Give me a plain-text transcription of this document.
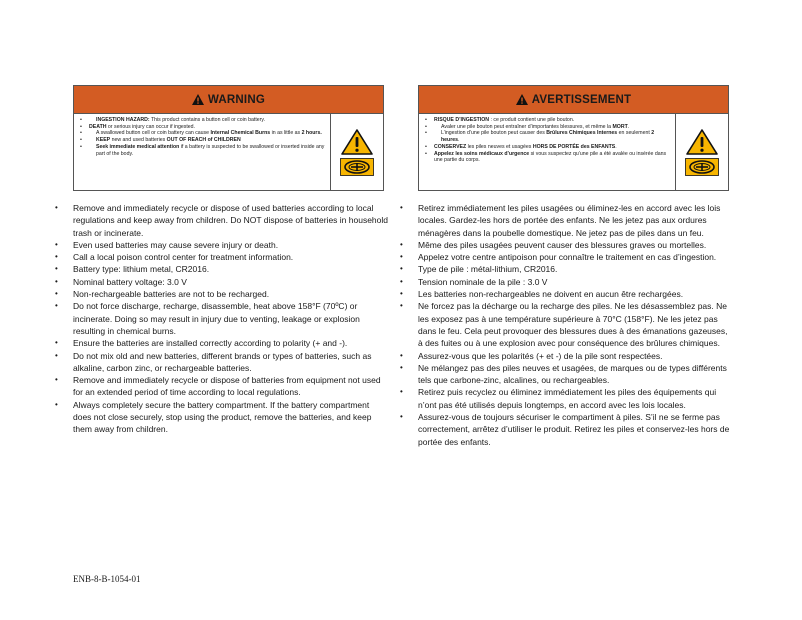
WARNING
•	INGESTION HAZARD: This product contains a button cell or coin battery.
•	DEATH or serious injury can occur if ingested.
•	A swallowed button cell or coin battery can cause Internal Chemical Burns in as little as 2 hours.
•	KEEP new and used batteries OUT OF REACH of CHILDREN
•	Seek immediate medical attention if a battery is suspected to be swallowed or inserted inside any part of the body.
AVERTISSEMENT
•	RISQUE D’INGESTION : ce produit contient une pile bouton.
•	Avaler une pile bouton peut entraîner d’importantes blessures, et même la MORT.
•	L’ingestion d’une pile bouton peut causer des Brûlures Chimiques Internes en seulement 2 heures.
•	CONSERVEZ les piles neuves et usagées HORS DE PORTÉE des ENFANTS.
•	Appelez les soins médicaux d’urgence si vous suspectez qu’une pile a été avalée ou insérée dans une partie du corps.
•	Remove and immediately recycle or dispose of used batteries according to local regulations and keep away from children. Do NOT dispose of batteries in household trash or incinerate.
•	Even used batteries may cause severe injury or death.
•	Call a local poison control center for treatment information.
•	Battery type: lithium metal, CR2016.
•	Nominal battery voltage: 3.0 V
•	Non-rechargeable batteries are not to be recharged.
•	Do not force discharge, recharge, disassemble, heat above 158°F (70ºC) or incinerate. Doing so may result in injury due to venting, leakage or explosion resulting in chemical burns.
•	Ensure the batteries are installed correctly according to polarity (+ and -).
•	Do not mix old and new batteries, different brands or types of batteries, such as alkaline, carbon zinc, or rechargeable batteries.
•	Remove and immediately recycle or dispose of batteries from equipment not used for an extended period of time according to local regulations.
•	Always completely secure the battery compartment. If the battery compartment does not close securely, stop using the product, remove the batteries, and keep them away from children.
•	Retirez immédiatement les piles usagées ou éliminez-les en accord avec les lois locales. Gardez-les hors de portée des enfants. Ne les jetez pas aux ordures ménagères dans la poubelle domestique. Ne jetez pas de piles dans un feu.
•	Même des piles usagées peuvent causer des blessures graves ou mortelles.
•	Appelez votre centre antipoison pour connaître le traitement en cas d’ingestion.
•	Type de pile : métal-lithium, CR2016.
•	Tension nominale de la pile : 3.0 V
•	Les batteries non-rechargeables ne doivent en aucun être rechargées.
•	Ne forcez pas la décharge ou la recharge des piles. Ne les désassemblez pas. Ne les exposez pas à une température supérieure à 70°C (158°F). Ne les jetez pas dans le feu. Cela peut provoquer des blessures dues à des émanations gazeuses, à des fuites ou à une explosion avec pour conséquence des brûlures chimiques.
•	Assurez-vous que les polarités (+ et -) de la pile sont respectées.
•	Ne mélangez pas des piles neuves et usagées, de marques ou de types différents tels que carbone-zinc, alcalines, ou rechargeables.
•	Retirez puis recyclez ou éliminez immédiatement les piles des équipements qui n’ont pas été utilisés depuis longtemps, en accord avec les lois locales.
•	Assurez-vous de toujours sécuriser le compartiment à piles. S’il ne se ferme pas correctement, arrêtez d’utiliser le produit. Retirez les piles et conservez-les hors de portée des enfants.
ENB-8-B-1054-01
